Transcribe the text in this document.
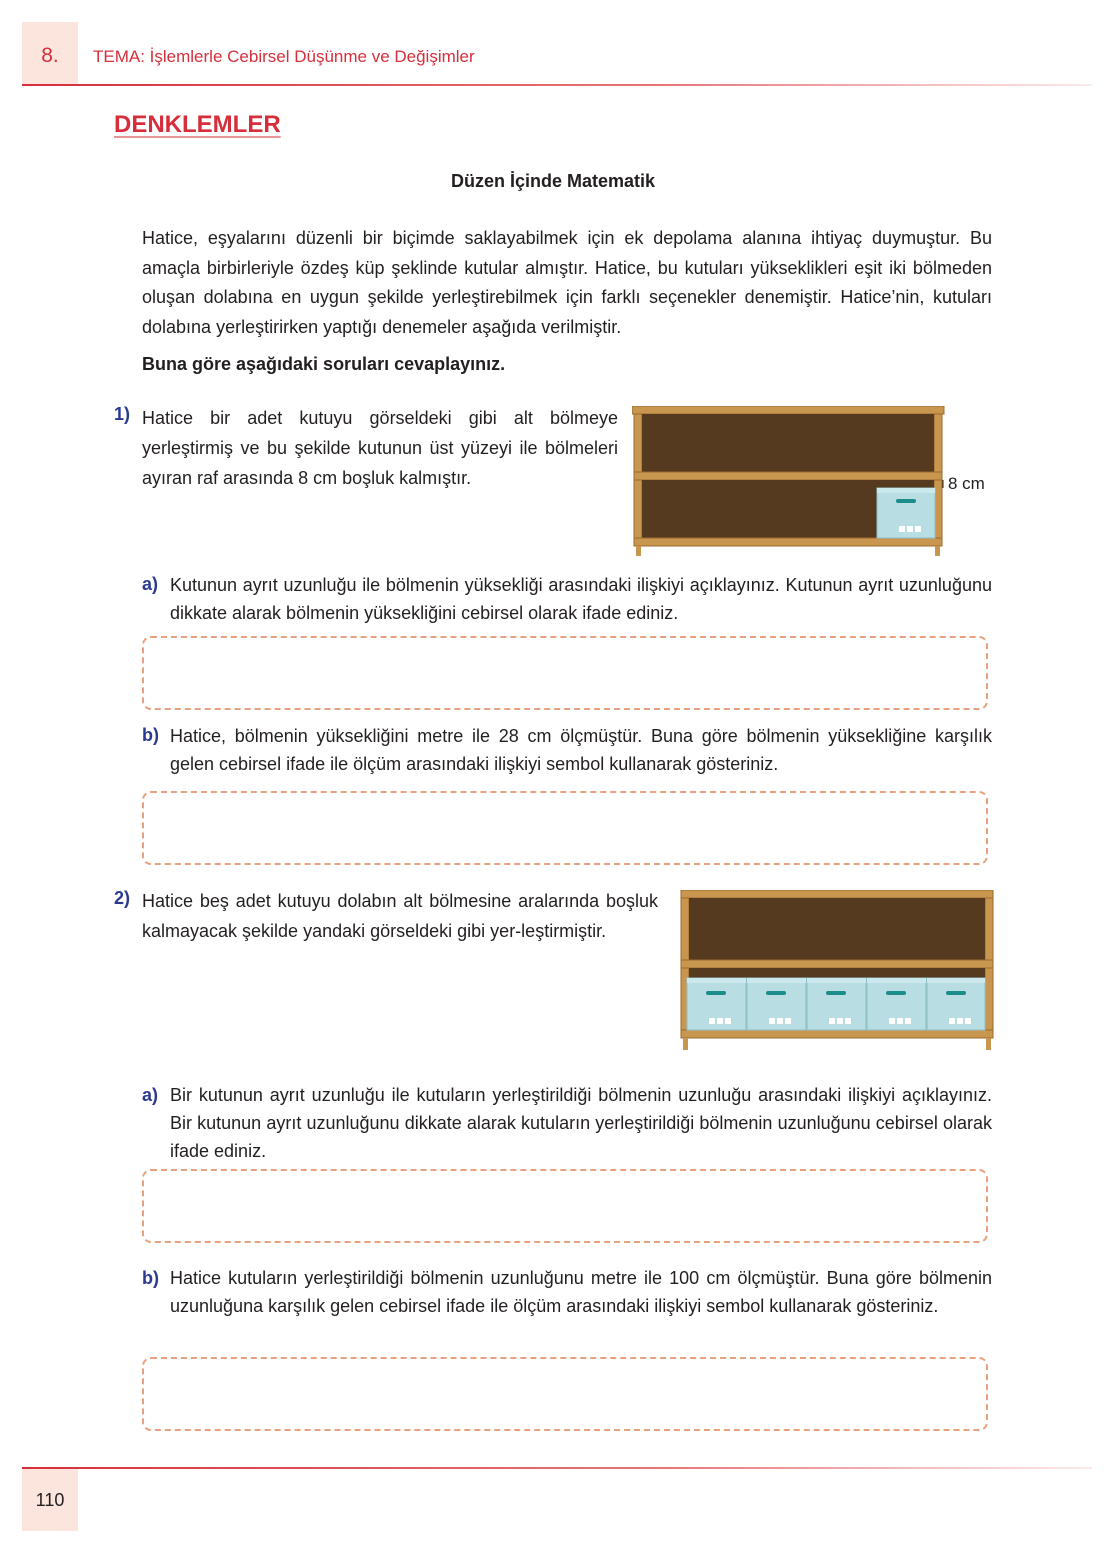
8.	TEMA: İşlemlerle Cebirsel Düşünme ve Değişimler
DENKLEMLER
Düzen İçinde Matematik
Hatice, eşyalarını düzenli bir biçimde saklayabilmek için ek depolama alanına ihtiyaç duymuştur. Bu amaçla birbirleriyle özdeş küp şeklinde kutular almıştır. Hatice, bu kutuları yükseklikleri eşit iki bölmeden oluşan dolabına en uygun şekilde yerleştirebilmek için farklı seçenekler denemiştir. Hatice’nin, kutuları dolabına yerleştirirken yaptığı denemeler aşağıda verilmiştir.
Buna göre aşağıdaki soruları cevaplayınız.
1) Hatice bir adet kutuyu görseldeki gibi alt bölmeye yerleştirmiş ve bu şekilde kutunun üst yüzeyi ile bölmeleri ayıran raf arasında 8 cm boşluk kalmıştır.	8 cm
a) Kutunun ayrıt uzunluğu ile bölmenin yüksekliği arasındaki ilişkiyi açıklayınız. Kutunun ayrıt uzunluğunu dikkate alarak bölmenin yüksekliğini cebirsel olarak ifade ediniz.
b) Hatice, bölmenin yüksekliğini metre ile 28 cm ölçmüştür. Buna göre bölmenin yüksekliğine karşılık gelen cebirsel ifade ile ölçüm arasındaki ilişkiyi sembol kullanarak gösteriniz.
2) Hatice beş adet kutuyu dolabın alt bölmesine aralarında boşluk kalmayacak şekilde yandaki görseldeki gibi yer-leştirmiştir.
a) Bir kutunun ayrıt uzunluğu ile kutuların yerleştirildiği bölmenin uzunluğu arasındaki ilişkiyi açıklayınız. Bir kutunun ayrıt uzunluğunu dikkate alarak kutuların yerleştirildiği bölmenin uzunluğunu cebirsel olarak ifade ediniz.
b) Hatice kutuların yerleştirildiği bölmenin uzunluğunu metre ile 100 cm ölçmüştür. Buna göre bölmenin uzunluğuna karşılık gelen cebirsel ifade ile ölçüm arasındaki ilişkiyi sembol kullanarak gösteriniz.
110
